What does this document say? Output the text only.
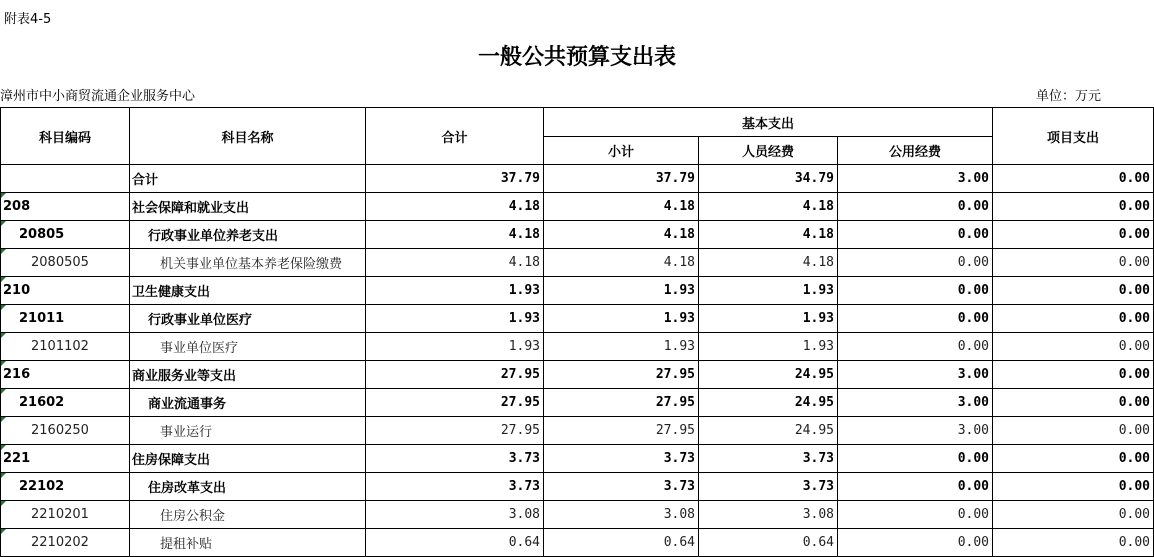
附表4-5
一般公共预算支出表
漳州市中小商贸流通企业服务中心	单位：万元
科目编码	科目名称	合计	基本支出			项目支出
			小计	人员经费	公用经费	
	合计	37.79	37.79	34.79	3.00	0.00
208	社会保障和就业支出	4.18	4.18	4.18	0.00	0.00
20805	行政事业单位养老支出	4.18	4.18	4.18	0.00	0.00
2080505	机关事业单位基本养老保险缴费	4.18	4.18	4.18	0.00	0.00
210	卫生健康支出	1.93	1.93	1.93	0.00	0.00
21011	行政事业单位医疗	1.93	1.93	1.93	0.00	0.00
2101102	事业单位医疗	1.93	1.93	1.93	0.00	0.00
216	商业服务业等支出	27.95	27.95	24.95	3.00	0.00
21602	商业流通事务	27.95	27.95	24.95	3.00	0.00
2160250	事业运行	27.95	27.95	24.95	3.00	0.00
221	住房保障支出	3.73	3.73	3.73	0.00	0.00
22102	住房改革支出	3.73	3.73	3.73	0.00	0.00
2210201	住房公积金	3.08	3.08	3.08	0.00	0.00
2210202	提租补贴	0.64	0.64	0.64	0.00	0.00
